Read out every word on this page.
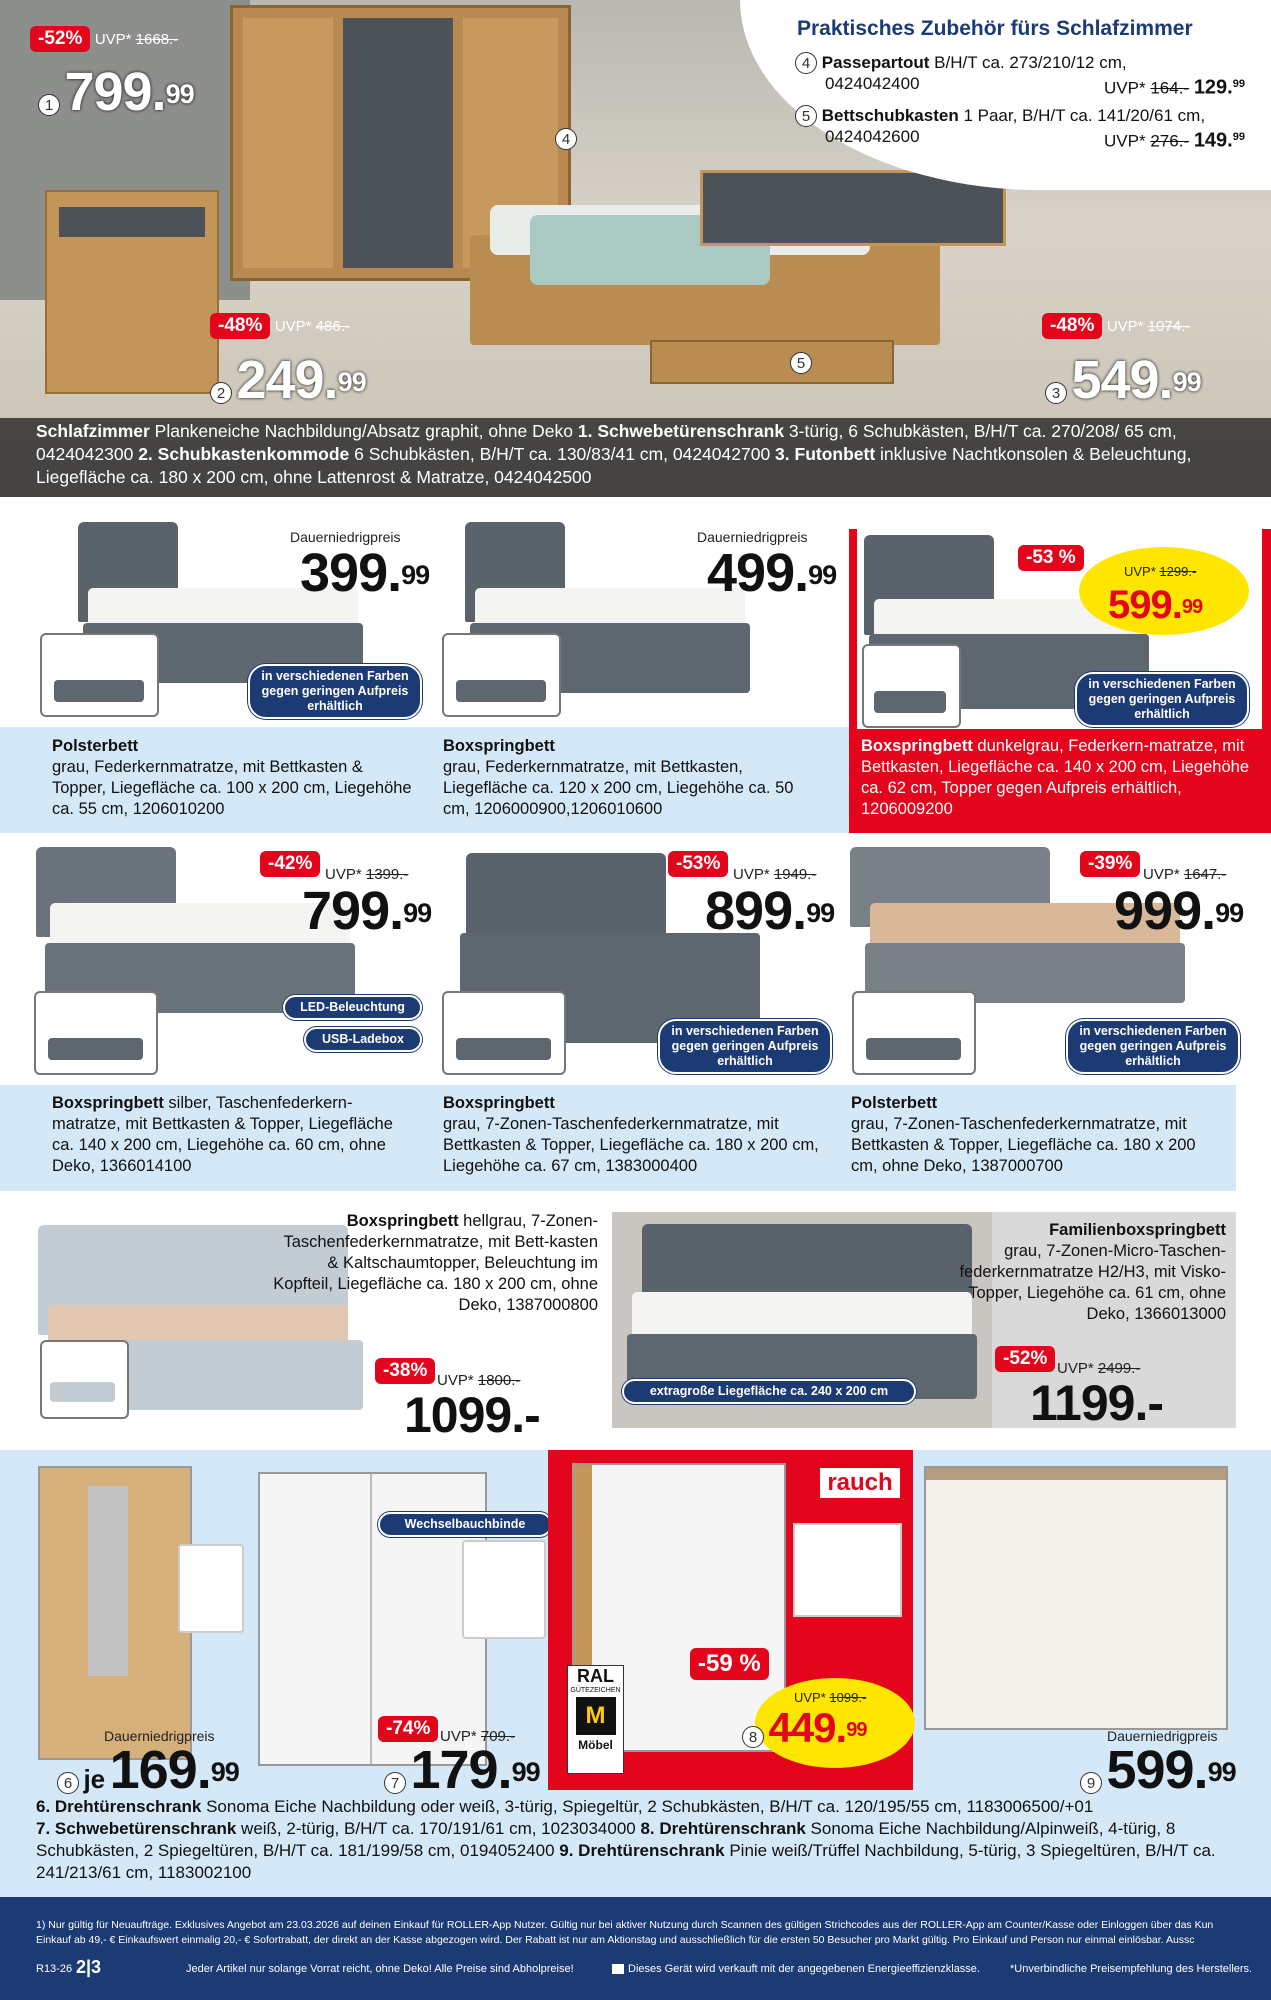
Praktisches Zubehör fürs Schlafzimmer
4 Passepartout B/H/T ca. 273/210/12 cm,
0424042400	UVP* 164.- 129.99
5 Bettschubkasten 1 Paar, B/H/T ca. 141/20/61 cm,
0424042600	UVP* 276.- 149.99
4
5
-52% UVP* 1668.-
1 799.99
-48% UVP* 486.-
2 249.99
-48% UVP* 1074.-
3 549.99
Schlafzimmer Plankeneiche Nachbildung/Absatz graphit, ohne Deko 1. Schwebetürenschrank 3-türig, 6 Schubkästen, B/H/T ca. 270/208/ 65 cm, 0424042300 2. Schubkastenkommode 6 Schubkästen, B/H/T ca. 130/83/41 cm, 0424042700 3. Futonbett inklusive Nachtkonsolen & Beleuchtung, Liegefläche ca. 180 x 200 cm, ohne Lattenrost & Matratze, 0424042500
Dauerniedrigpreis
399.99
in verschiedenen Farben gegen geringen Aufpreis erhältlich
Dauerniedrigpreis
499.99
-53 %
UVP* 1299.-
599.99
in verschiedenen Farben gegen geringen Aufpreis erhältlich
Polsterbett
grau, Federkernmatratze, mit Bettkasten & Topper, Liegefläche ca. 100 x 200 cm, Liegehöhe ca. 55 cm, 1206010200
Boxspringbett
grau, Federkernmatratze, mit Bettkasten, Liegefläche ca. 120 x 200 cm, Liegehöhe ca. 50 cm, 1206000900,1206010600
Boxspringbett dunkelgrau, Federkern-matratze, mit Bettkasten, Liegefläche ca. 140 x 200 cm, Liegehöhe ca. 62 cm, Topper gegen Aufpreis erhältlich, 1206009200
-42%
UVP* 1399.-
799.99
LED-Beleuchtung
USB-Ladebox
-53%
UVP* 1949.-
899.99
in verschiedenen Farben gegen geringen Aufpreis erhältlich
-39%
UVP* 1647.-
999.99
in verschiedenen Farben gegen geringen Aufpreis erhältlich
Boxspringbett silber, Taschenfederkern-matratze, mit Bettkasten & Topper, Liegefläche ca. 140 x 200 cm, Liegehöhe ca. 60 cm, ohne Deko, 1366014100
Boxspringbett
grau, 7-Zonen-Taschenfederkernmatratze, mit Bettkasten & Topper, Liegefläche ca. 180 x 200 cm, Liegehöhe ca. 67 cm, 1383000400
Polsterbett
grau, 7-Zonen-Taschenfederkernmatratze, mit Bettkasten & Topper, Liegefläche ca. 180 x 200 cm, ohne Deko, 1387000700
Boxspringbett hellgrau, 7-Zonen-Taschenfederkernmatratze, mit Bett-kasten & Kaltschaumtopper, Beleuchtung im Kopfteil, Liegefläche ca. 180 x 200 cm, ohne Deko, 1387000800
-38% UVP* 1800.-
1099.-	extragroße Liegefläche ca. 240 x 200 cm
Familienboxspringbett
grau, 7-Zonen-Micro-Taschen-federkernmatratze H2/H3, mit Visko-Topper, Liegehöhe ca. 61 cm, ohne Deko, 1366013000
-52% UVP* 2499.-
1199.-
Dauerniedrigpreis
6 je 169.99
Wechselbauchbinde
-74% UVP* 709.-
7 179.99
rauch
RAL
GÜTEZEICHEN
M
Möbel
-59 %
UVP* 1099.-
8 449.99	Dauerniedrigpreis
9 599.99
6. Drehtürenschrank Sonoma Eiche Nachbildung oder weiß, 3-türig, Spiegeltür, 2 Schubkästen, B/H/T ca. 120/195/55 cm, 1183006500/+01
7. Schwebetürenschrank weiß, 2-türig, B/H/T ca. 170/191/61 cm, 1023034000 8. Drehtürenschrank Sonoma Eiche Nachbildung/Alpinweiß, 4-türig, 8 Schubkästen, 2 Spiegeltüren, B/H/T ca. 181/199/58 cm, 0194052400 9. Drehtürenschrank Pinie weiß/Trüffel Nachbildung, 5-türig, 3 Spiegeltüren, B/H/T ca. 241/213/61 cm, 1183002100
1) Nur gültig für Neuaufträge. Exklusives Angebot am 23.03.2026 auf deinen Einkauf für ROLLER-App Nutzer. Gültig nur bei aktiver Nutzung durch Scannen des gültigen Strichcodes aus der ROLLER-App am Counter/Kasse oder Einloggen über das Kun
Einkauf ab 49,- € Einkaufswert einmalig 20,- € Sofortrabatt, der direkt an der Kasse abgezogen wird. Der Rabatt ist nur am Aktionstag und ausschließlich für die ersten 50 Besucher pro Markt gültig. Pro Einkauf und Person nur einmal einlösbar. Aussc
R13-26 2|3	Jeder Artikel nur solange Vorrat reicht, ohne Deko! Alle Preise sind Abholpreise!	Dieses Gerät wird verkauft mit der angegebenen Energieeffizienzklasse.	*Unverbindliche Preisempfehlung des Herstellers.
